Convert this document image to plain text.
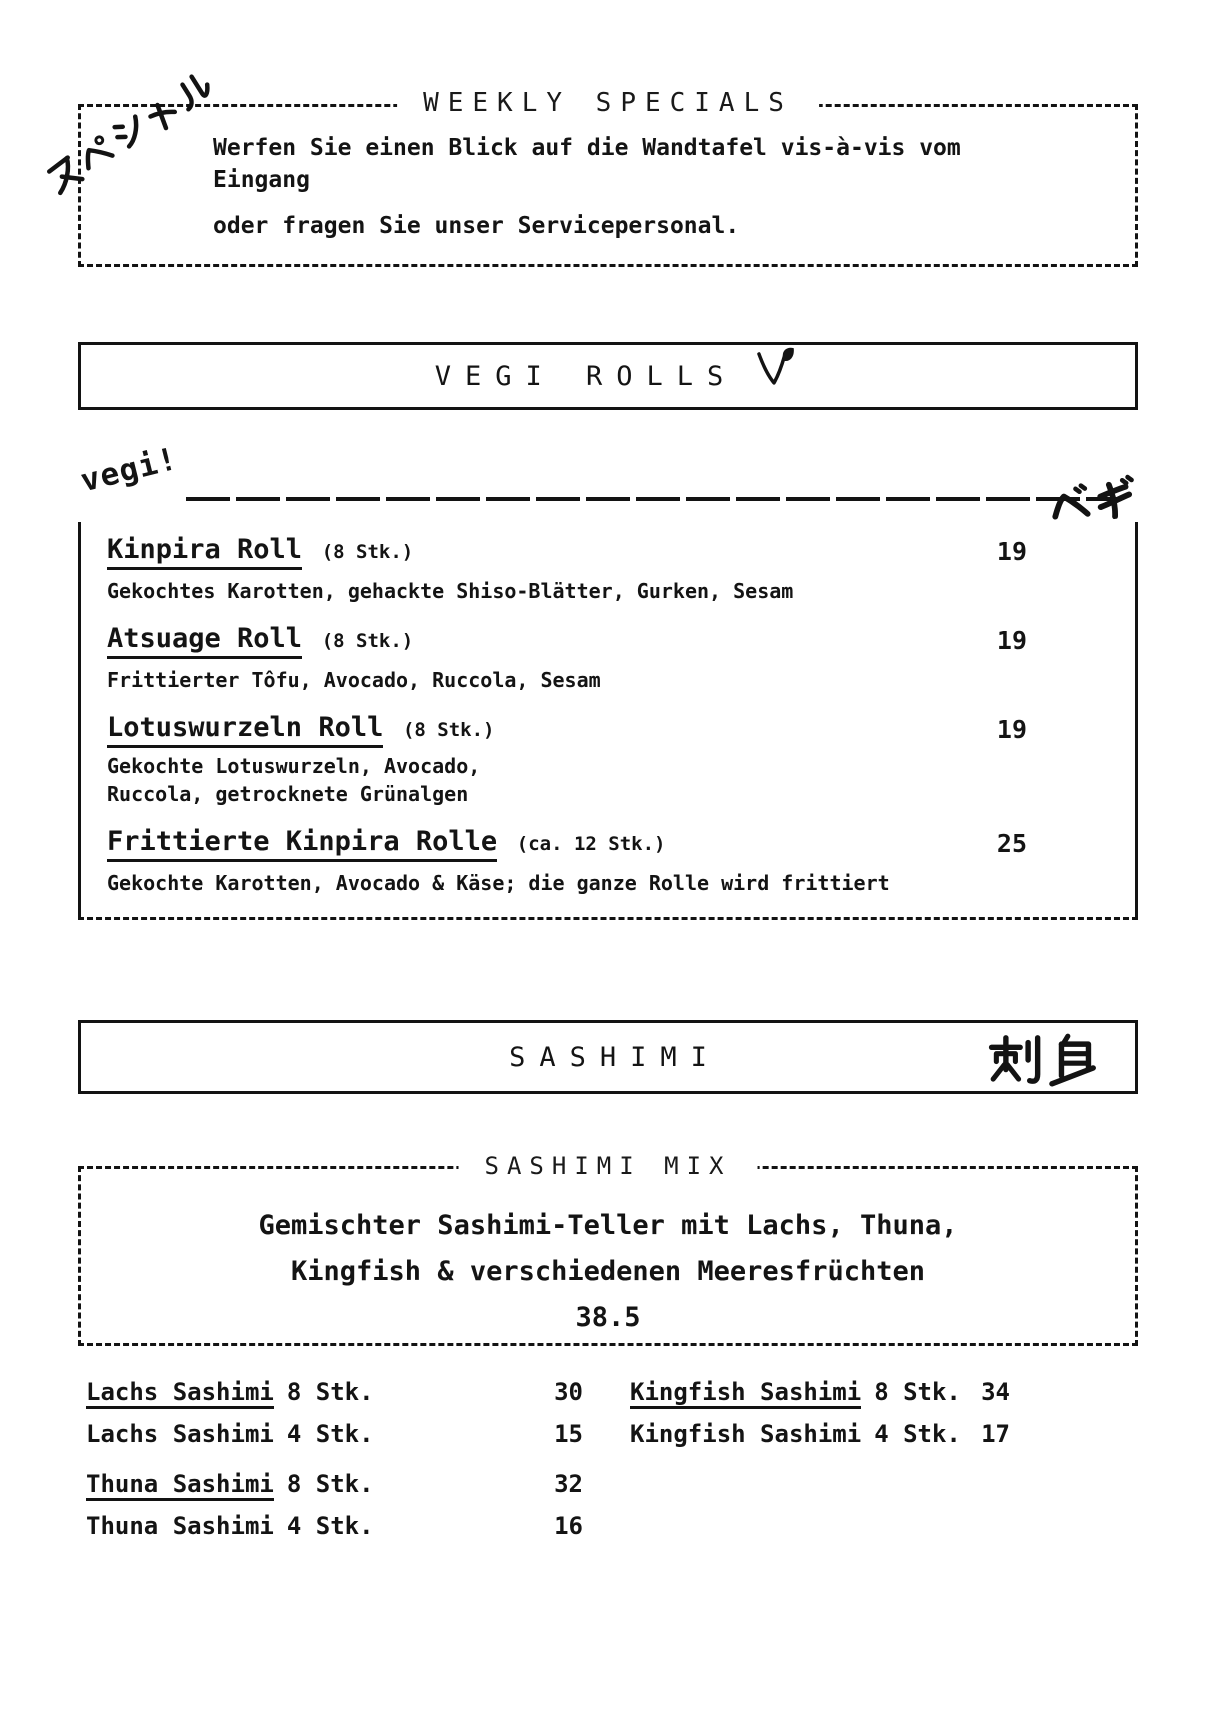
WEEKLY SPECIALS
Werfen Sie einen Blick auf die Wandtafel vis-à-vis vom
Eingang
oder fragen Sie unser Servicepersonal.
VEGI ROLLS
vegi!
Kinpira Roll (8 Stk.)	19
Gekochtes Karotten, gehackte Shiso-Blätter, Gurken, Sesam
Atsuage Roll (8 Stk.)	19
Frittierter Tôfu, Avocado, Ruccola, Sesam
Lotuswurzeln Roll (8 Stk.)	19
Gekochte Lotuswurzeln, Avocado,
Ruccola, getrocknete Grünalgen
Frittierte Kinpira Rolle (ca. 12 Stk.)	25
Gekochte Karotten, Avocado & Käse; die ganze Rolle wird frittiert
SASHIMI
SASHIMI MIX
Gemischter Sashimi-Teller mit Lachs, Thuna,
Kingfish & verschiedenen Meeresfrüchten
38.5
Lachs Sashimi 8 Stk.	30
Lachs Sashimi 4 Stk.	15
Thuna Sashimi 8 Stk.	32
Thuna Sashimi 4 Stk.	16
Kingfish Sashimi 8 Stk. 34
Kingfish Sashimi 4 Stk. 17
